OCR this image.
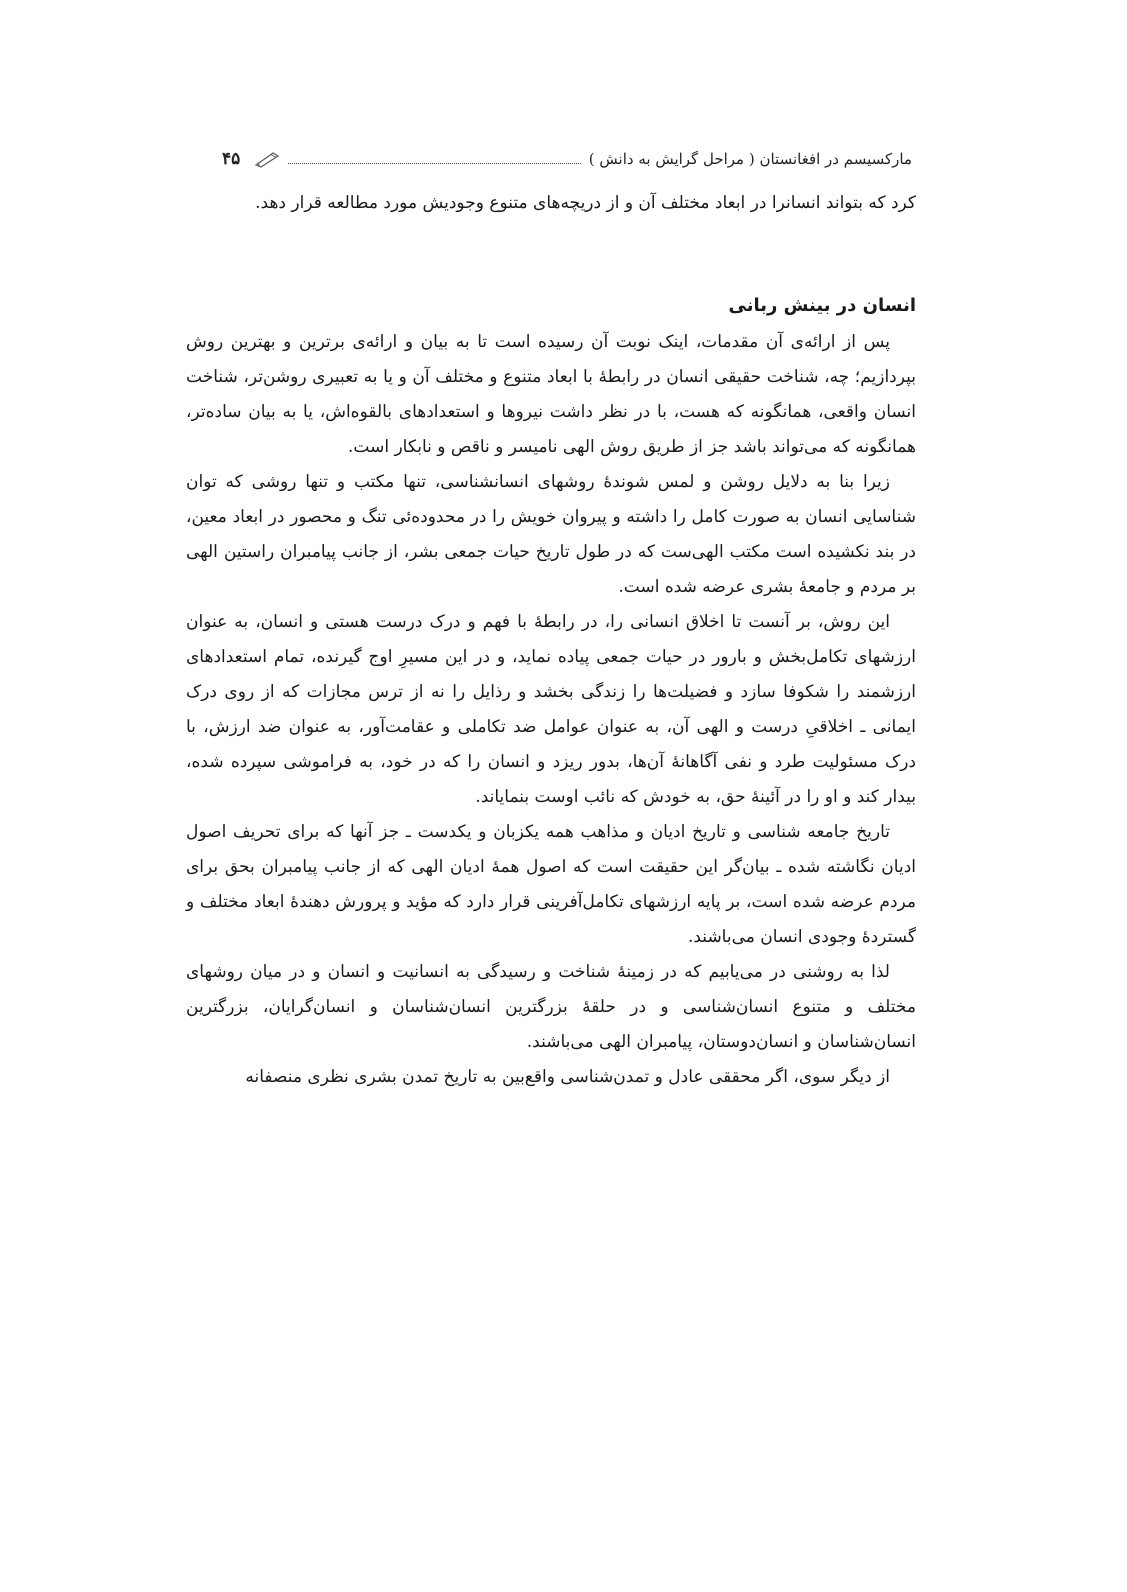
مارکسیسم در افغانستان ( مراحل گرایش به دانش )
۴۵

کرد که بتواند انسانرا در ابعاد مختلف آن و از دریچه‌های متنوع وجودیش مورد مطالعه قرار دهد.

انسان در بینش ربانی

پس از ارائه‌ی آن مقدمات، اینک نوبت آن رسیده است تا به بیان و ارائه‌ی برترین و بهترین روش بپردازیم؛ چه، شناخت حقیقی انسان در رابطهٔ با ابعاد متنوع و مختلف آن و یا به تعبیری روشن‌تر، شناخت انسان واقعی، همانگونه که هست، با در نظر داشت نیروها و استعدادهای بالقوه‌اش، یا به بیان ساده‌تر، همانگونه که می‌تواند باشد جز از طریق روش الهی نامیسر و ناقص و نابکار است.

زیرا بنا به دلایل روشن و لمس شوندهٔ روشهای انسانشناسی، تنها مکتب و تنها روشی که توان شناسایی انسان به صورت کامل را داشته و پیروان خویش را در محدوده‌ئی تنگ و محصور در ابعاد معین، در بند نکشیده است مکتب الهی‌ست که در طول تاریخ حیات جمعی بشر، از جانب پیامبران راستین الهی بر مردم و جامعهٔ بشری عرضه شده است.

این روش، بر آنست تا اخلاق انسانی را، در رابطهٔ با فهم و درک درست هستی و انسان، به عنوان ارزشهای تکامل‌بخش و بارور در حیات جمعی پیاده نماید، و در این مسیرِ اوج گیرنده، تمام استعدادهای ارزشمند را شکوفا سازد و فضیلت‌ها را زندگی بخشد و رذایل را نه از ترس مجازات که از روی درک ایمانی ـ اخلاقیِ درست و الهی آن، به عنوان عوامل ضد تکاملی و عقامت‌آور، به عنوان ضد ارزش، با درک مسئولیت طرد و نفی آگاهانهٔ آن‌ها، بدور ریزد و انسان را که در خود، به فراموشی سپرده شده، بیدار کند و او را در آئینهٔ حق، به خودش که نائب اوست بنمایاند.

تاریخ جامعه شناسی و تاریخ ادیان و مذاهب همه یکزبان و یکدست ـ جز آنها که برای تحریف اصول ادیان نگاشته شده ـ بیان‌گر این حقیقت است که اصول همهٔ ادیان الهی که از جانب پیامبران بحق برای مردم عرضه شده است، بر پایه ارزشهای تکامل‌آفرینی قرار دارد که مؤید و پرورش دهندهٔ ابعاد مختلف و گستردهٔ وجودی انسان می‌باشند.

لذا به روشنی در می‌یابیم که در زمینهٔ شناخت و رسیدگی به انسانیت و انسان و در میان روشهای مختلف و متنوع انسان‌شناسی و در حلقهٔ بزرگترین انسان‌شناسان و انسان‌گرایان، بزرگترین انسان‌شناسان و انسان‌دوستان، پیامبران الهی می‌باشند.

از دیگر سوی، اگر محققی عادل و تمدن‌شناسی واقع‌بین به تاریخ تمدن بشری نظری منصفانه
